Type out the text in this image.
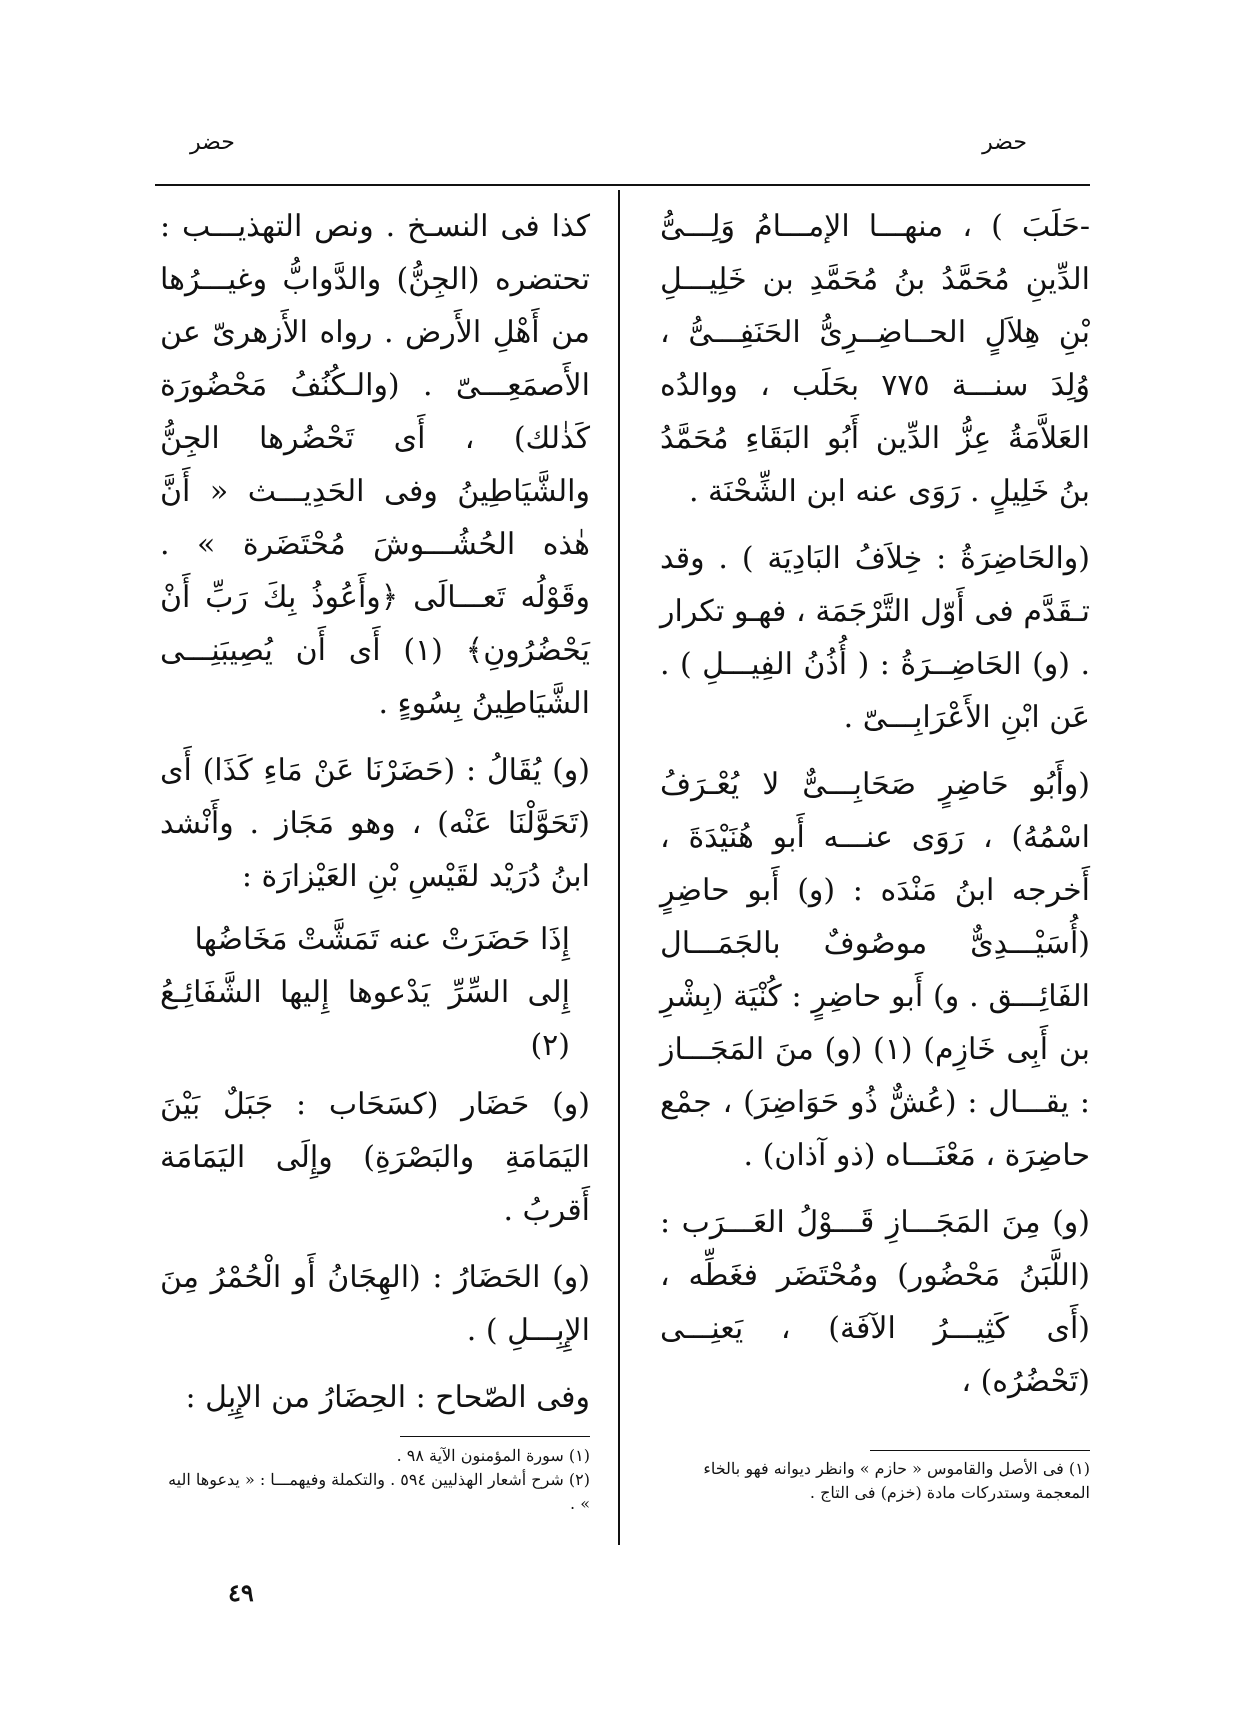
حضر
حضر

-حَلَبَ ) ، منهـــا الإمـــامُ وَلِـــىُّ الدِّينِ مُحَمَّدُ بنُ مُحَمَّدِ بن خَلِيـــلِ بْنِ هِلاَلٍ الحــاضِــرِىُّ الحَنَفِـــىُّ ، وُلِدَ سنـــة ٧٧٥ بحَلَب ، ووالدُه العَلاَّمَةُ عِزُّ الدِّين أَبُو البَقَاءِ مُحَمَّدُ بنُ خَلِيلٍ . رَوَى عنه ابن الشِّحْنَة .

(والحَاضِرَةُ : خِلاَفُ البَادِيَة ) . وقد تـقَدَّم فى أَوّل التَّرْجَمَة ، فهـو تكرار . (و) الحَاضِــرَةُ : ( أُذُنُ الفِيـــلِ ) . عَن ابْنِ الأَعْرَابِـــىّ .

(وأَبُو حَاضِرٍ صَحَابِـــىٌّ لا يُعْـرَفُ اسْمُهُ) ، رَوَى عنـــه أَبو هُنَيْدَةَ ، أَخرجه ابنُ مَنْدَه : (و) أَبو حاضِرٍ (أُسَيْـــدِىٌّ موصُوفٌ بالجَمَـــال الفَائِـــق . و) أَبو حاضِرٍ : كُنْيَة (بِشْرِ بن أَبِى خَازِم) (١) (و) منَ المَجَـــاز : يقـــال : (عُشٌّ ذُو حَوَاضِرَ) ، جمْع حاضِرَة ، مَعْنَـــاه (ذو آذان) .

(و) مِنَ المَجَـــازِ قَـــوْلُ العَـــرَب : (اللَّبَنُ مَحْضُور) ومُحْتَضَر فغَطِّه ، (أَى كَثِيـــرُ الآفَة) ، يَعنِـــى (تَحْضُرُه) ،

كذا فى النسـخ . ونص التهذيـــب : تحتضره (الجِنُّ) والدَّوابُّ وغيـــرُها من أَهْلِ الأَرض . رواه الأَزهرىّ عن الأَصمَعِـــىّ . (والـكُنُفُ مَحْضُورَة كَذٰلك) ، أَى تَحْضُرها الجِنُّ والشَّيَاطِينُ وفى الحَدِيـــث « أَنَّ هٰذه الحُشُـــوشَ مُحْتَضَرة » . وقَوْلُه تَعـــالَى ﴿وأَعُوذُ بِكَ رَبِّ أَنْ يَحْضُرُونِ﴾ (١) أَى أَن يُصِيبَنِـــى الشَّيَاطِينُ بِسُوءٍ .

(و) يُقَالُ : (حَضَرْنَا عَنْ مَاءِ كَذَا) أَى (تَحَوَّلْنَا عَنْه) ، وهو مَجَاز . وأَنْشد ابنُ دُرَيْد لقَيْسِ بْنِ العَيْزارَة :

إِذَا حَضَرَتْ عنه تَمَشَّتْ مَخَاضُها
إِلى السِّرِّ يَدْعوها إِليها الشَّفَائِـعُ (٢)

(و) حَضَار (كسَحَاب : جَبَلٌ بَيْنَ اليَمَامَةِ والبَصْرَةِ) وإِلَى اليَمَامَة أَقربُ .

(و) الحَضَارُ : (الهِجَانُ أَو الْحُمْرُ مِنَ الإِبِـــلِ ) .

وفى الصّحاح : الحِضَارُ من الإِبِل :

(١) فى الأصل والقاموس « حازم » وانظر ديوانه فهو بالخاء المعجمة وستدركات مادة (خزم) فى التاج .
(١) سورة المؤمنون الآية ٩٨ .
(٢) شرح أشعار الهذليين ٥٩٤ . والتكملة وفيهمـــا : « يدعوها اليه » .
٤٩
